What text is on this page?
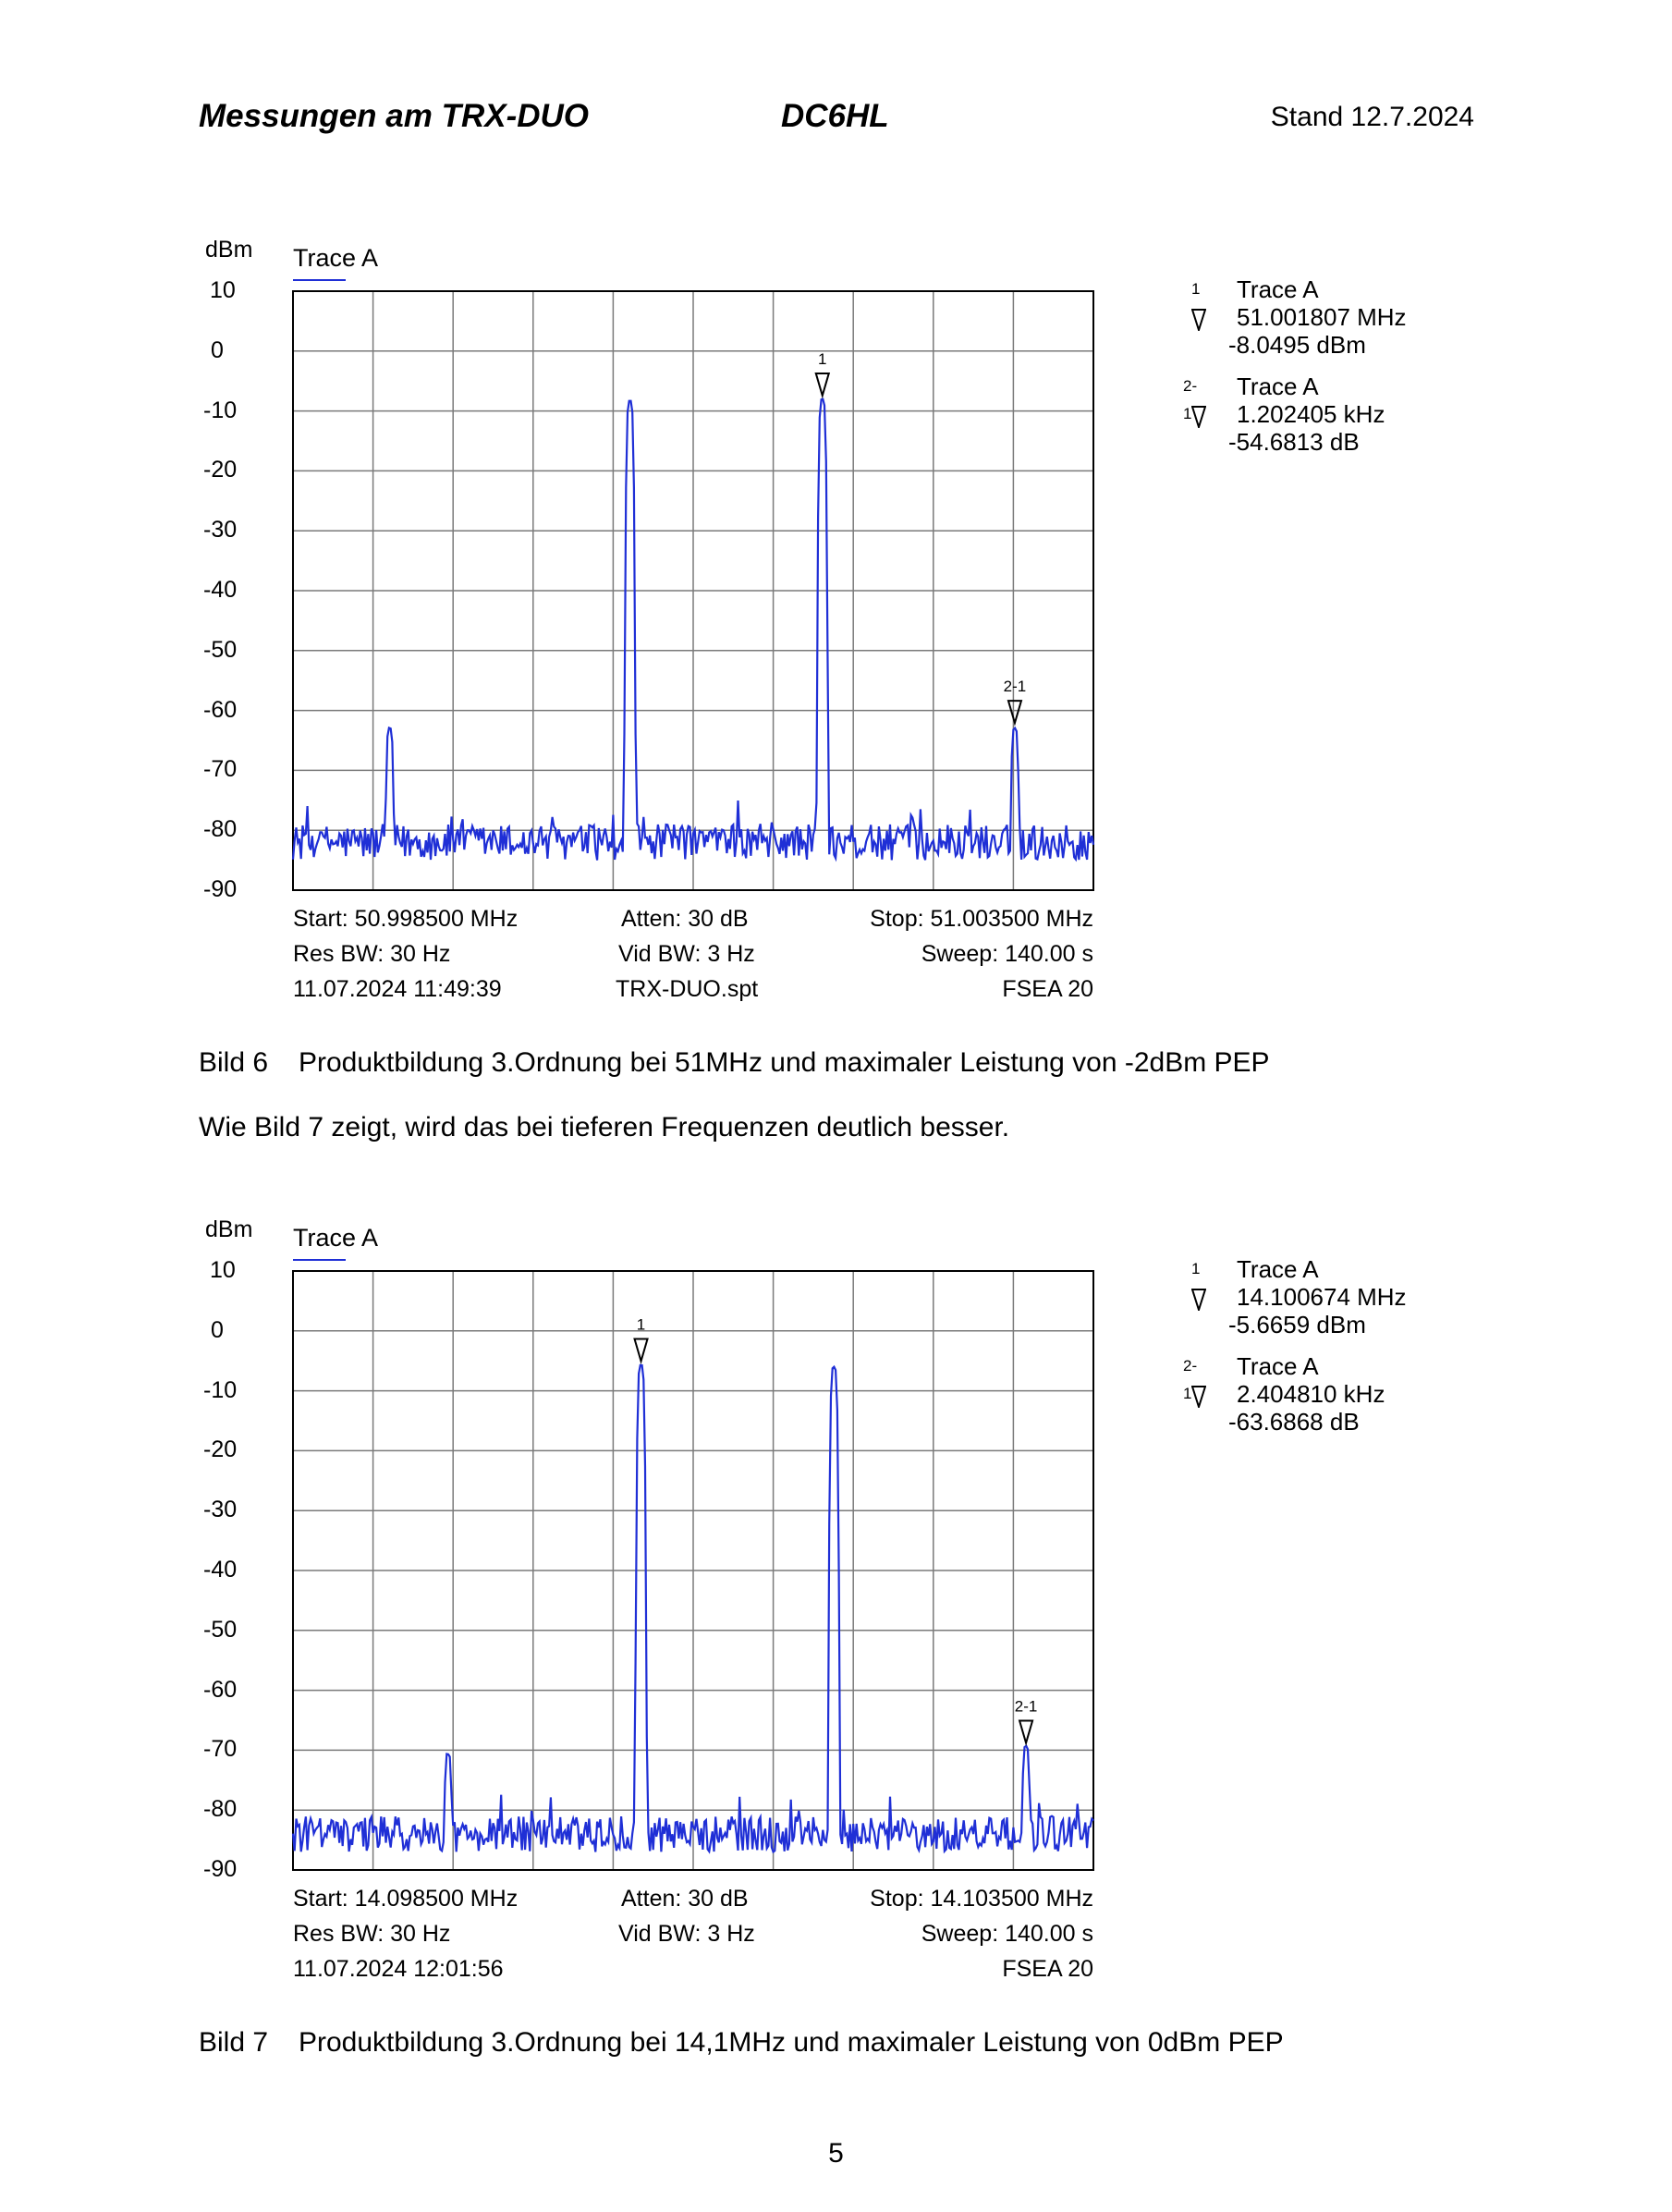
Messungen am TRX-DUO	DC6HL	Stand 12.7.2024
dBm Trace A
10
0
-10
-20
-30
-40
-50
-60
-70
-80
-90
1
2-1
Start: 50.998500 MHz	Atten: 30 dB	Stop: 51.003500 MHz
Res BW: 30 Hz	Vid BW: 3 Hz	Sweep: 140.00 s
11.07.2024 11:49:39	TRX-DUO.spt	FSEA 20
1 Trace A
51.001807 MHz
-8.0495 dBm
2-1
Trace A
1.202405 kHz
-54.6813 dB
Bild 6 Produktbildung 3.Ordnung bei 51MHz und maximaler Leistung von -2dBm PEP
Wie Bild 7 zeigt, wird das bei tieferen Frequenzen deutlich besser.
dBm Trace A
10
0
-10
-20
-30
-40
-50
-60
-70
-80
-90
1
2-1
Start: 14.098500 MHz	Atten: 30 dB	Stop: 14.103500 MHz
Res BW: 30 Hz	Vid BW: 3 Hz	Sweep: 140.00 s
11.07.2024 12:01:56	FSEA 20
1 Trace A
14.100674 MHz
-5.6659 dBm
2-1
Trace A
2.404810 kHz
-63.6868 dB
Bild 7 Produktbildung 3.Ordnung bei 14,1MHz und maximaler Leistung von 0dBm PEP
5
